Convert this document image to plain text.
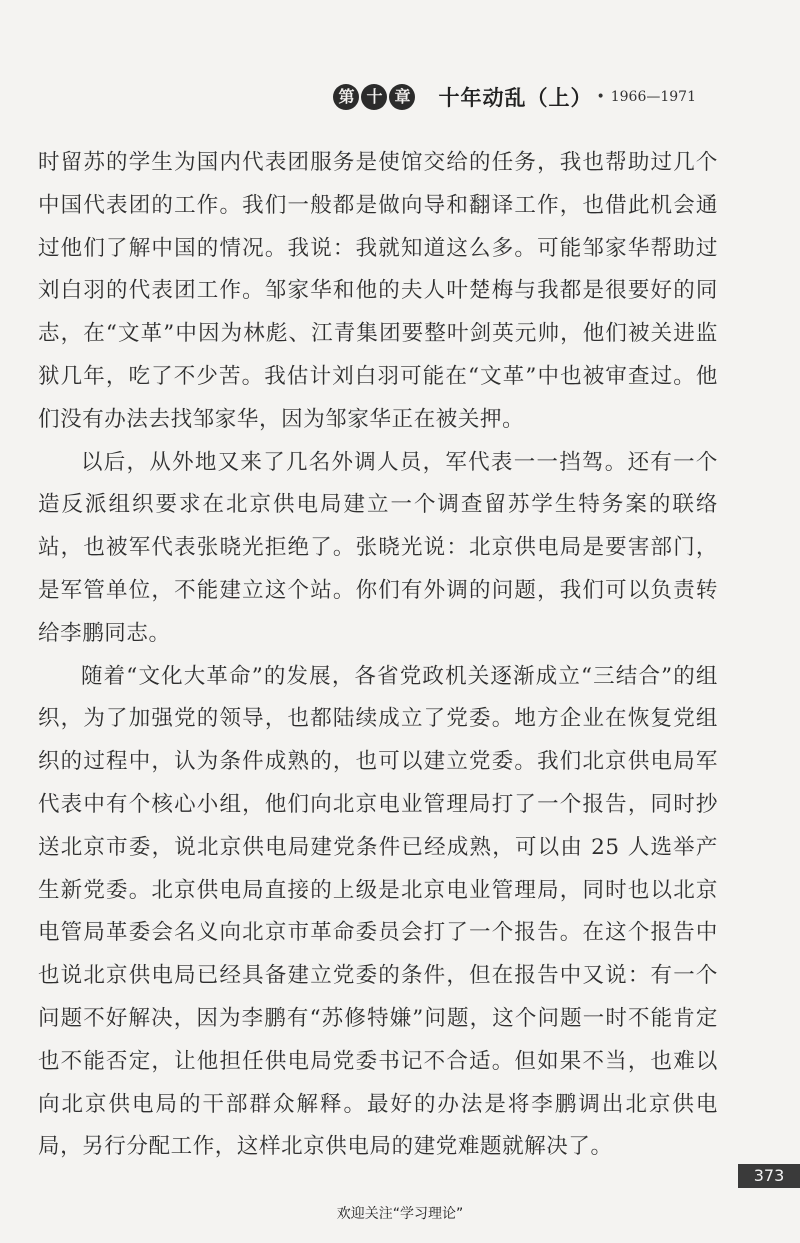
第 十 章 十年动乱（上） • 1966—1971

时留苏的学生为国内代表团服务是使馆交给的任务，我也帮助过几个中国代表团的工作。我们一般都是做向导和翻译工作，也借此机会通过他们了解中国的情况。我说：我就知道这么多。可能邹家华帮助过刘白羽的代表团工作。邹家华和他的夫人叶楚梅与我都是很要好的同志，在“文革”中因为林彪、江青集团要整叶剑英元帅，他们被关进监狱几年，吃了不少苦。我估计刘白羽可能在“文革”中也被审查过。他们没有办法去找邹家华，因为邹家华正在被关押。

以后，从外地又来了几名外调人员，军代表一一挡驾。还有一个造反派组织要求在北京供电局建立一个调查留苏学生特务案的联络站，也被军代表张晓光拒绝了。张晓光说：北京供电局是要害部门，是军管单位，不能建立这个站。你们有外调的问题，我们可以负责转给李鹏同志。

随着“文化大革命”的发展，各省党政机关逐渐成立“三结合”的组织，为了加强党的领导，也都陆续成立了党委。地方企业在恢复党组织的过程中，认为条件成熟的，也可以建立党委。我们北京供电局军代表中有个核心小组，他们向北京电业管理局打了一个报告，同时抄送北京市委，说北京供电局建党条件已经成熟，可以由 25 人选举产生新党委。北京供电局直接的上级是北京电业管理局，同时也以北京电管局革委会名义向北京市革命委员会打了一个报告。在这个报告中也说北京供电局已经具备建立党委的条件，但在报告中又说：有一个问题不好解决，因为李鹏有“苏修特嫌”问题，这个问题一时不能肯定也不能否定，让他担任供电局党委书记不合适。但如果不当，也难以向北京供电局的干部群众解释。最好的办法是将李鹏调出北京供电局，另行分配工作，这样北京供电局的建党难题就解决了。

373
欢迎关注“学习理论”
